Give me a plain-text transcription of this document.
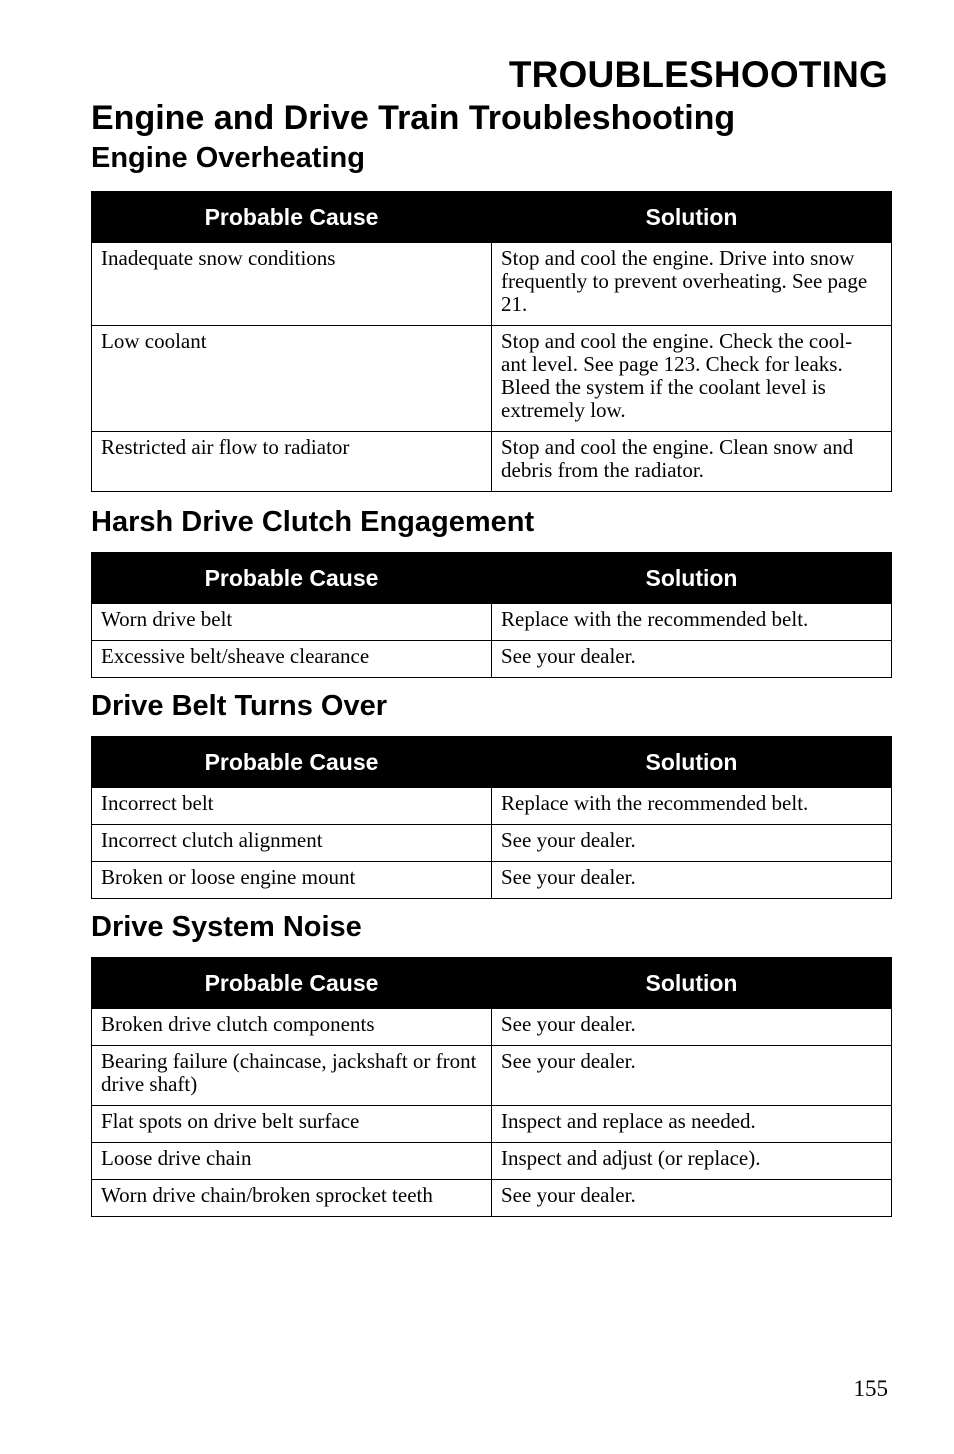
TROUBLESHOOTING
Engine and Drive Train Troubleshooting
Engine Overheating
Probable Cause	Solution
Inadequate snow conditions	Stop and cool the engine. Drive into snow frequently to prevent overheating. See page 21.
Low coolant	Stop and cool the engine. Check the cool- ant level. See page 123. Check for leaks. Bleed the system if the coolant level is extremely low.
Restricted air flow to radiator	Stop and cool the engine. Clean snow and debris from the radiator.
Harsh Drive Clutch Engagement
Probable Cause	Solution
Worn drive belt	Replace with the recommended belt.
Excessive belt/sheave clearance	See your dealer.
Drive Belt Turns Over
Probable Cause	Solution
Incorrect belt	Replace with the recommended belt.
Incorrect clutch alignment	See your dealer.
Broken or loose engine mount	See your dealer.
Drive System Noise
Probable Cause	Solution
Broken drive clutch components	See your dealer.
Bearing failure (chaincase, jackshaft or front drive shaft)	See your dealer.
Flat spots on drive belt surface	Inspect and replace as needed.
Loose drive chain	Inspect and adjust (or replace).
Worn drive chain/broken sprocket teeth	See your dealer.
155
